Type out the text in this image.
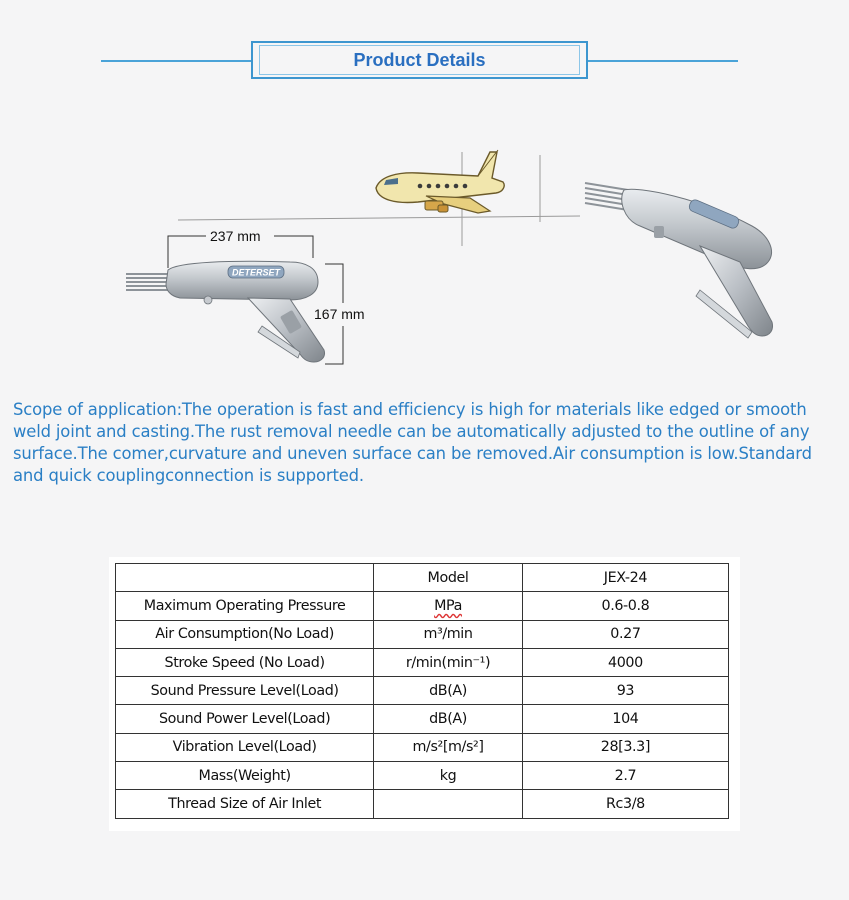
Product Details
DETERSET
237 mm
167 mm
Scope of application:The operation is fast and efficiency is high for materials like edged or smooth weld joint and casting.The rust removal needle can be automatically adjusted to the outline of any surface.The comer,curvature and uneven surface can be removed.Air consumption is low.Standard and quick couplingconnection is supported.
	Model	JEX-24
Maximum Operating Pressure	MPa	0.6-0.8
Air Consumption(No Load)	m³/min	0.27
Stroke Speed (No Load)	r/min(min⁻¹)	4000
Sound Pressure Level(Load)	dB(A)	93
Sound Power Level(Load)	dB(A)	104
Vibration Level(Load)	m/s²[m/s²]	28[3.3]
Mass(Weight)	kg	2.7
Thread Size of Air Inlet		Rc3/8
